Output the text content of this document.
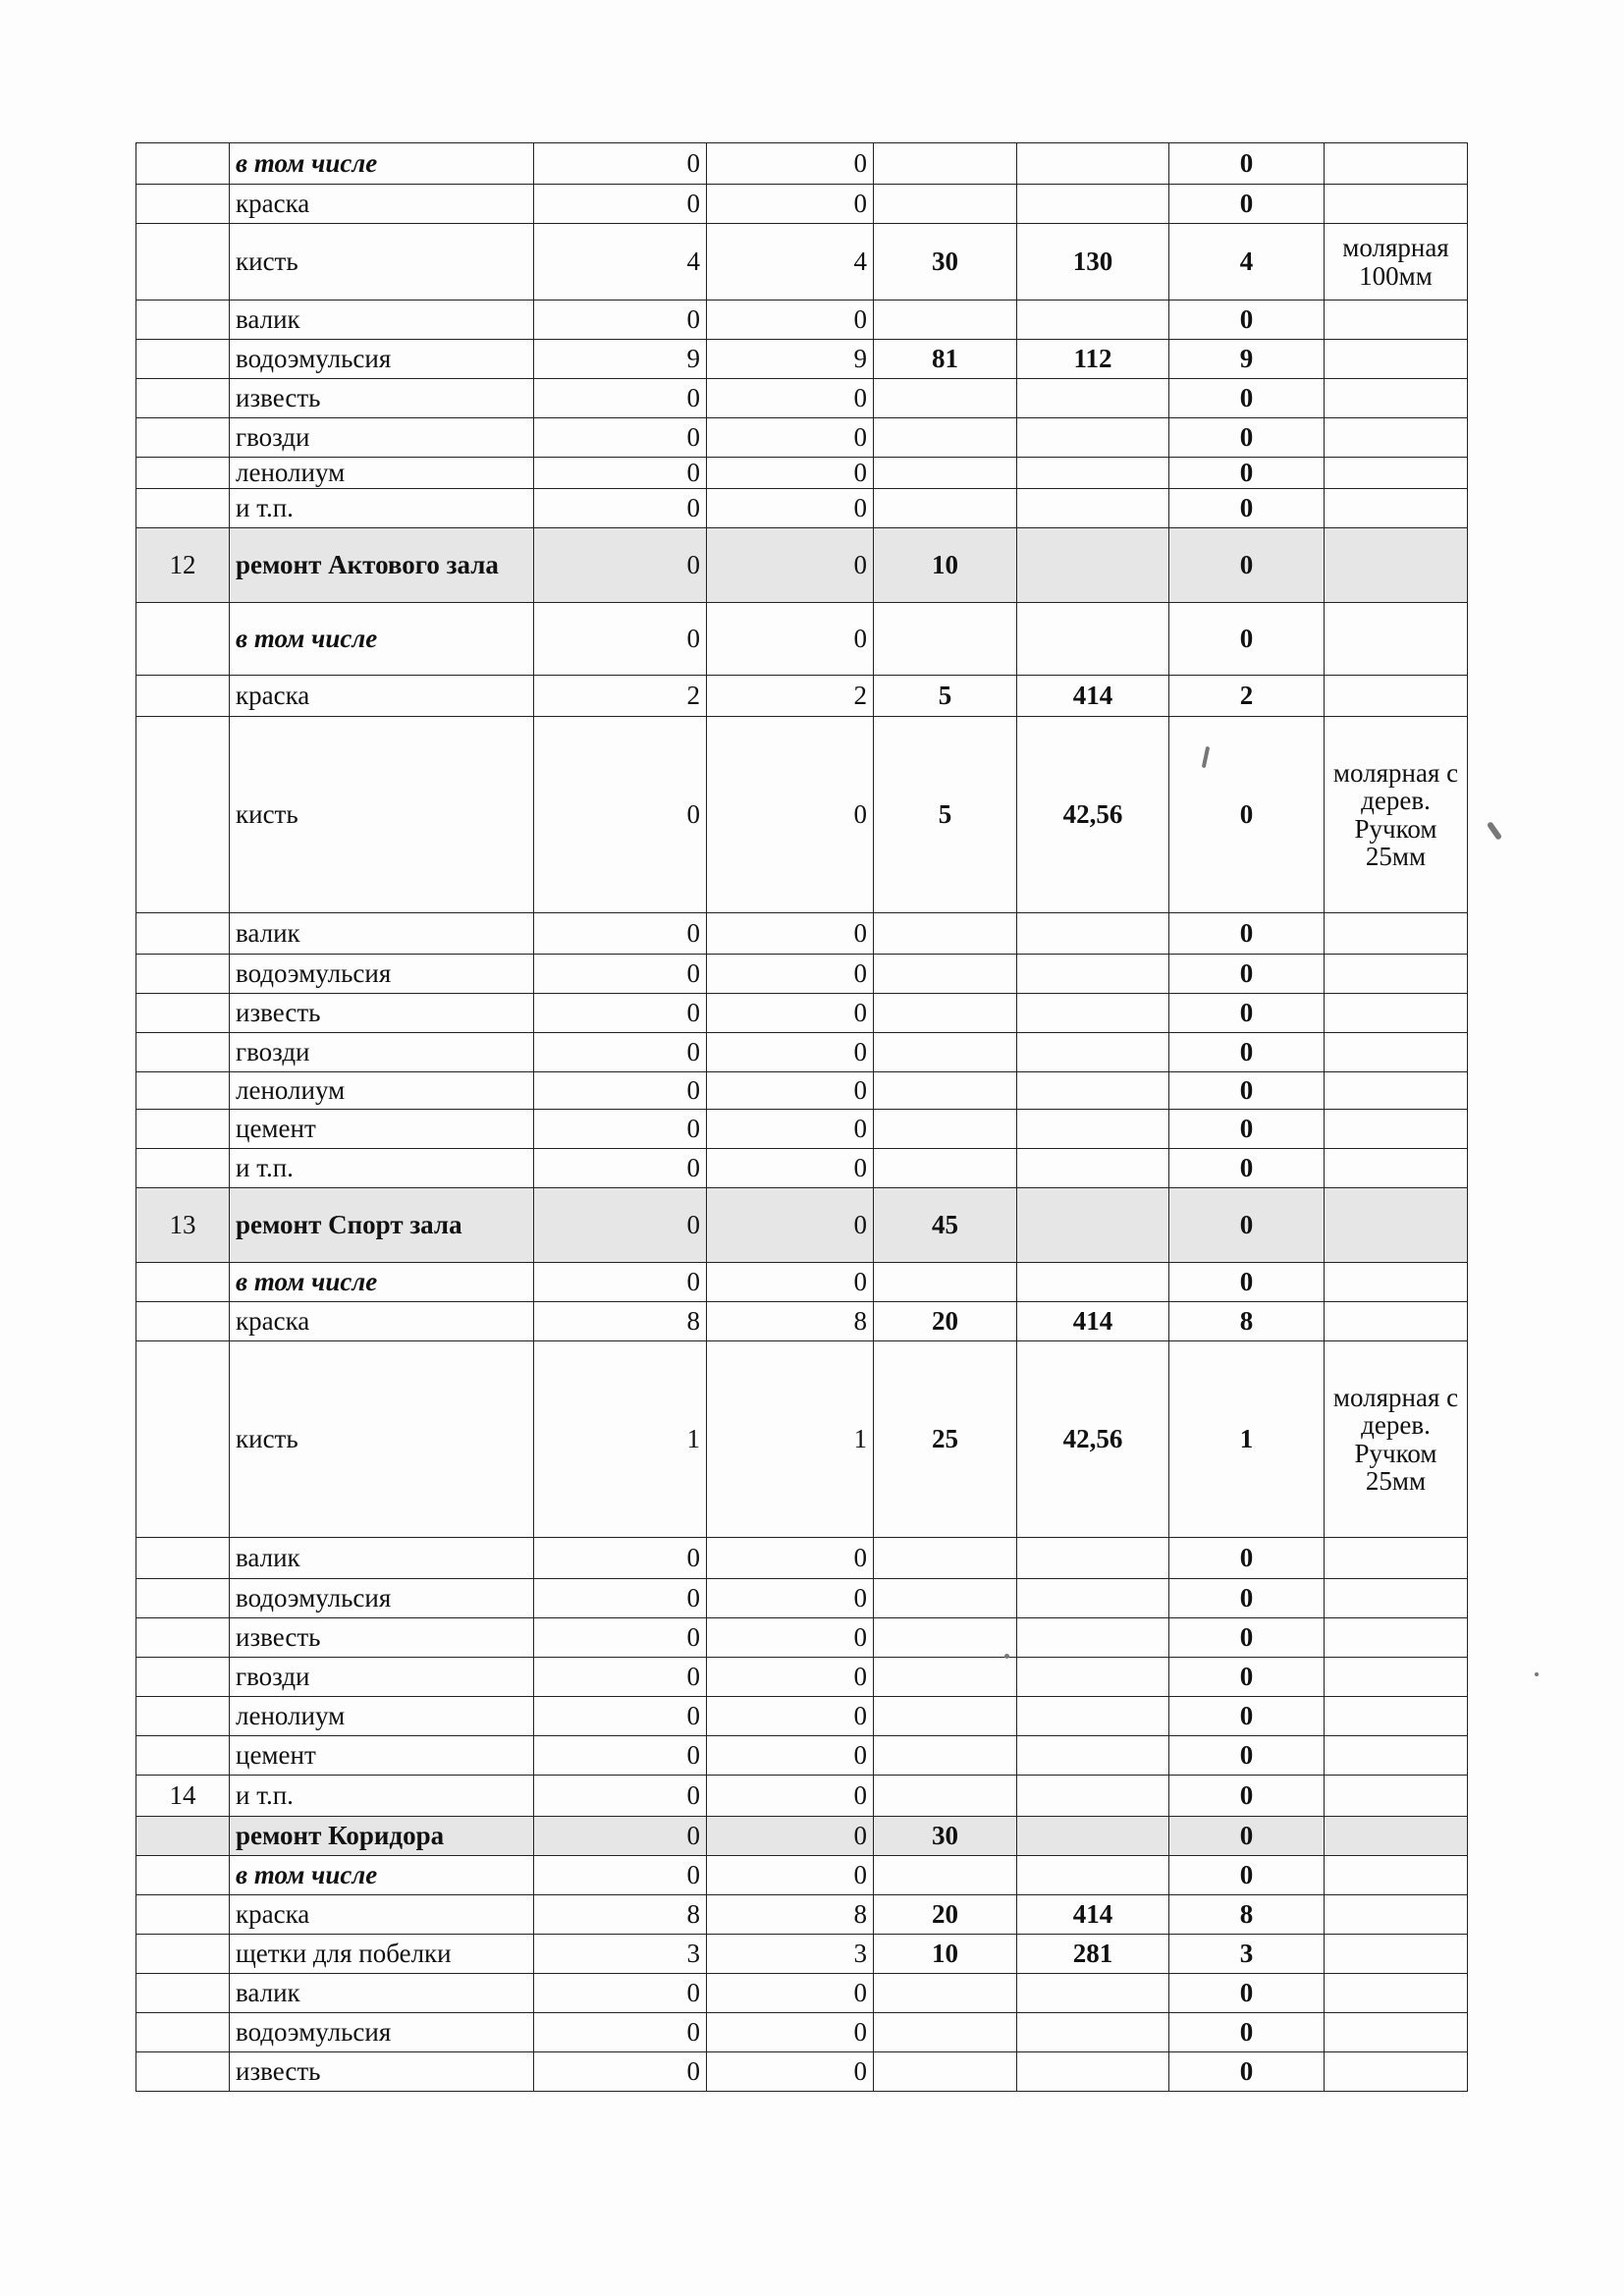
	в том числе	0	0			0	
	краска	0	0			0	
	кисть	4	4	30	130	4	молярная 100мм
	валик	0	0			0	
	водоэмульсия	9	9	81	112	9	
	известь	0	0			0	
	гвозди	0	0			0	
	ленолиум	0	0			0	
	и т.п.	0	0			0	
12	ремонт Актового зала	0	0	10		0	
	в том числе	0	0			0	
	краска	2	2	5	414	2	
	кисть	0	0	5	42,56	0	молярная с дерев. Ручком 25мм
	валик	0	0			0	
	водоэмульсия	0	0			0	
	известь	0	0			0	
	гвозди	0	0			0	
	ленолиум	0	0			0	
	цемент	0	0			0	
	и т.п.	0	0			0	
13	ремонт Спорт зала	0	0	45		0	
	в том числе	0	0			0	
	краска	8	8	20	414	8	
	кисть	1	1	25	42,56	1	молярная с дерев. Ручком 25мм
	валик	0	0			0	
	водоэмульсия	0	0			0	
	известь	0	0			0	
	гвозди	0	0			0	
	ленолиум	0	0			0	
	цемент	0	0			0	
14	и т.п.	0	0			0	
	ремонт Коридора	0	0	30		0	
	в том числе	0	0			0	
	краска	8	8	20	414	8	
	щетки для побелки	3	3	10	281	3	
	валик	0	0			0	
	водоэмульсия	0	0			0	
	известь	0	0			0	
